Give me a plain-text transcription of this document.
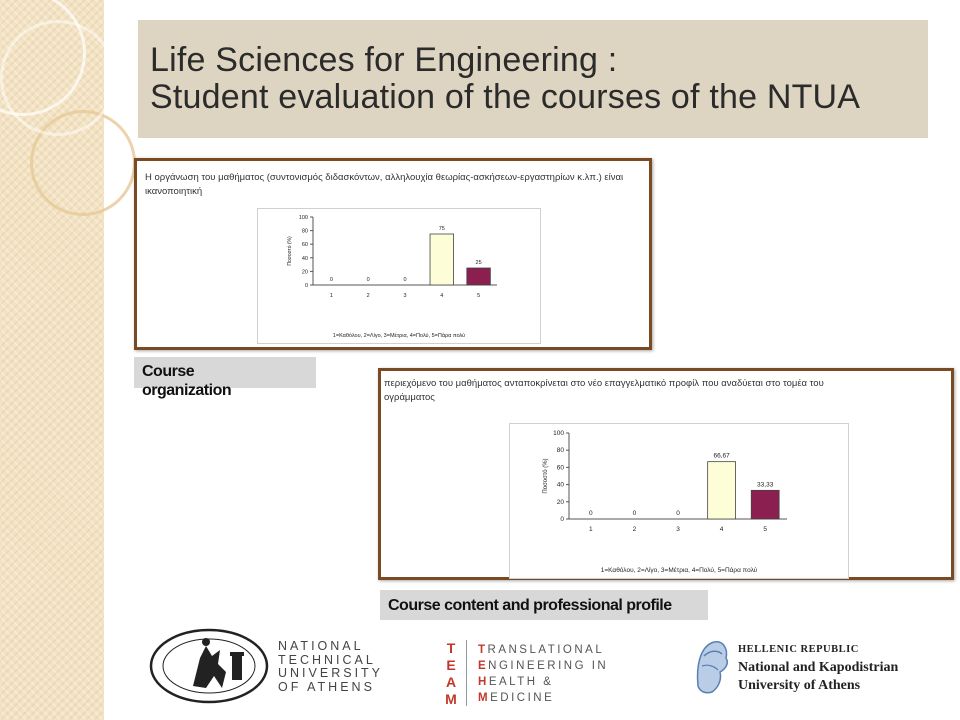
Life Sciences for Engineering :
Student evaluation of the courses of the NTUA
Η οργάνωση του μαθήματος (συντονισμός διδασκόντων, αλληλουχία θεωρίας-ασκήσεων-εργαστηρίων κ.λπ.) είναι
ικανοποιητική
0
20
40
60
80
100
Ποσοστό (%)
0
1
0
2
0
3
75
4
25
5
1=Καθόλου, 2=Λίγο, 3=Μέτρια, 4=Πολύ, 5=Πάρα πολύ
Course organization	περιεχόμενο του μαθήματος ανταποκρίνεται στο νέο επαγγελματικό προφίλ που αναδύεται στο τομέα του
ογράμματος
0
20
40
60
80
100
Ποσοστό (%)
0
1
0
2
0
3
66,67
4
33,33
5
1=Καθόλου, 2=Λίγο, 3=Μέτρια, 4=Πολύ, 5=Πάρα πολύ
Course content and professional profile
NATIONAL
TECHNICAL
UNIVERSITY
OF ATHENS
T
E
A
M
TRANSLATIONAL
ENGINEERING IN
HEALTH &
MEDICINE
HELLENIC REPUBLIC
National and Kapodistrian
University of Athens
